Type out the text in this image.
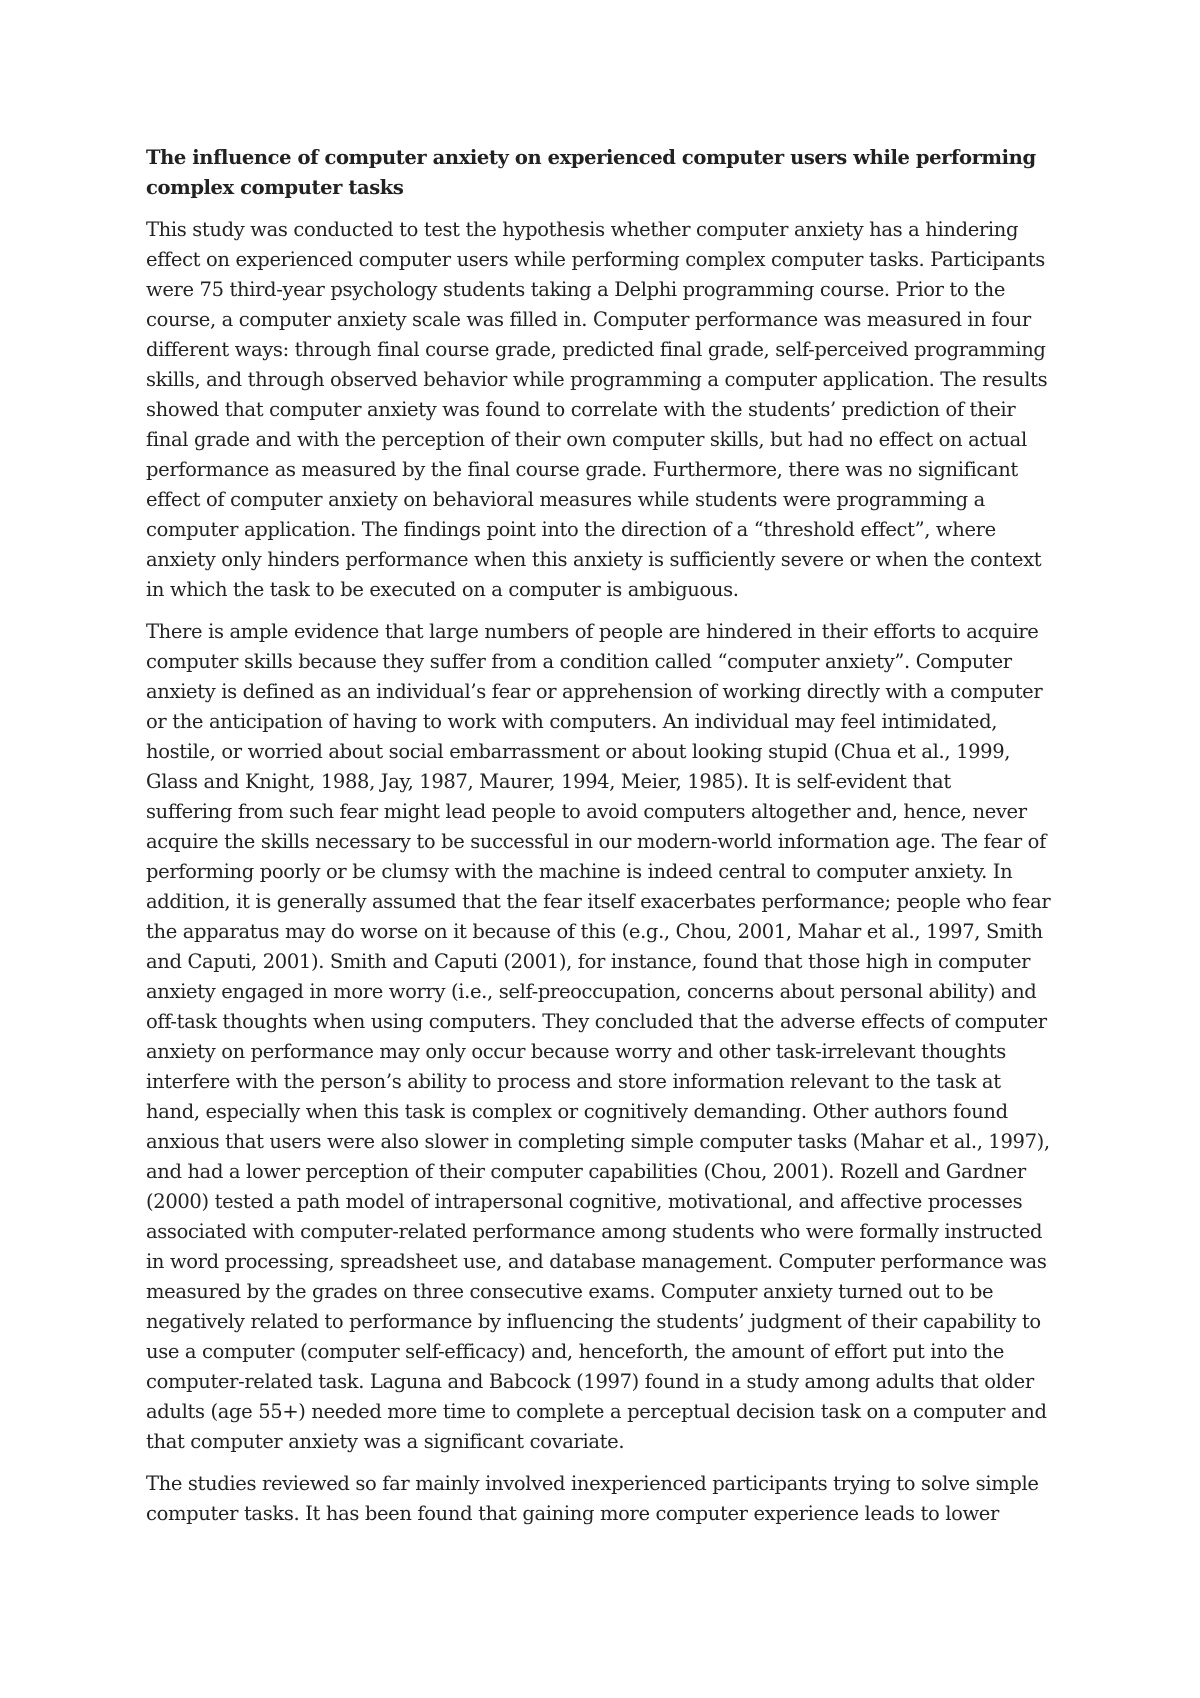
The influence of computer anxiety on experienced computer users while performing
complex computer tasks
This study was conducted to test the hypothesis whether computer anxiety has a hindering
effect on experienced computer users while performing complex computer tasks. Participants
were 75 third-year psychology students taking a Delphi programming course. Prior to the
course, a computer anxiety scale was filled in. Computer performance was measured in four
different ways: through final course grade, predicted final grade, self-perceived programming
skills, and through observed behavior while programming a computer application. The results
showed that computer anxiety was found to correlate with the students’ prediction of their
final grade and with the perception of their own computer skills, but had no effect on actual
performance as measured by the final course grade. Furthermore, there was no significant
effect of computer anxiety on behavioral measures while students were programming a
computer application. The findings point into the direction of a “threshold effect”, where
anxiety only hinders performance when this anxiety is sufficiently severe or when the context
in which the task to be executed on a computer is ambiguous.
There is ample evidence that large numbers of people are hindered in their efforts to acquire
computer skills because they suffer from a condition called “computer anxiety”. Computer
anxiety is defined as an individual’s fear or apprehension of working directly with a computer
or the anticipation of having to work with computers. An individual may feel intimidated,
hostile, or worried about social embarrassment or about looking stupid (Chua et al., 1999,
Glass and Knight, 1988, Jay, 1987, Maurer, 1994, Meier, 1985). It is self-evident that
suffering from such fear might lead people to avoid computers altogether and, hence, never
acquire the skills necessary to be successful in our modern-world information age. The fear of
performing poorly or be clumsy with the machine is indeed central to computer anxiety. In
addition, it is generally assumed that the fear itself exacerbates performance; people who fear
the apparatus may do worse on it because of this (e.g., Chou, 2001, Mahar et al., 1997, Smith
and Caputi, 2001). Smith and Caputi (2001), for instance, found that those high in computer
anxiety engaged in more worry (i.e., self-preoccupation, concerns about personal ability) and
off-task thoughts when using computers. They concluded that the adverse effects of computer
anxiety on performance may only occur because worry and other task-irrelevant thoughts
interfere with the person’s ability to process and store information relevant to the task at
hand, especially when this task is complex or cognitively demanding. Other authors found
anxious that users were also slower in completing simple computer tasks (Mahar et al., 1997),
and had a lower perception of their computer capabilities (Chou, 2001). Rozell and Gardner
(2000) tested a path model of intrapersonal cognitive, motivational, and affective processes
associated with computer-related performance among students who were formally instructed
in word processing, spreadsheet use, and database management. Computer performance was
measured by the grades on three consecutive exams. Computer anxiety turned out to be
negatively related to performance by influencing the students’ judgment of their capability to
use a computer (computer self-efficacy) and, henceforth, the amount of effort put into the
computer-related task. Laguna and Babcock (1997) found in a study among adults that older
adults (age 55+) needed more time to complete a perceptual decision task on a computer and
that computer anxiety was a significant covariate.
The studies reviewed so far mainly involved inexperienced participants trying to solve simple
computer tasks. It has been found that gaining more computer experience leads to lower
